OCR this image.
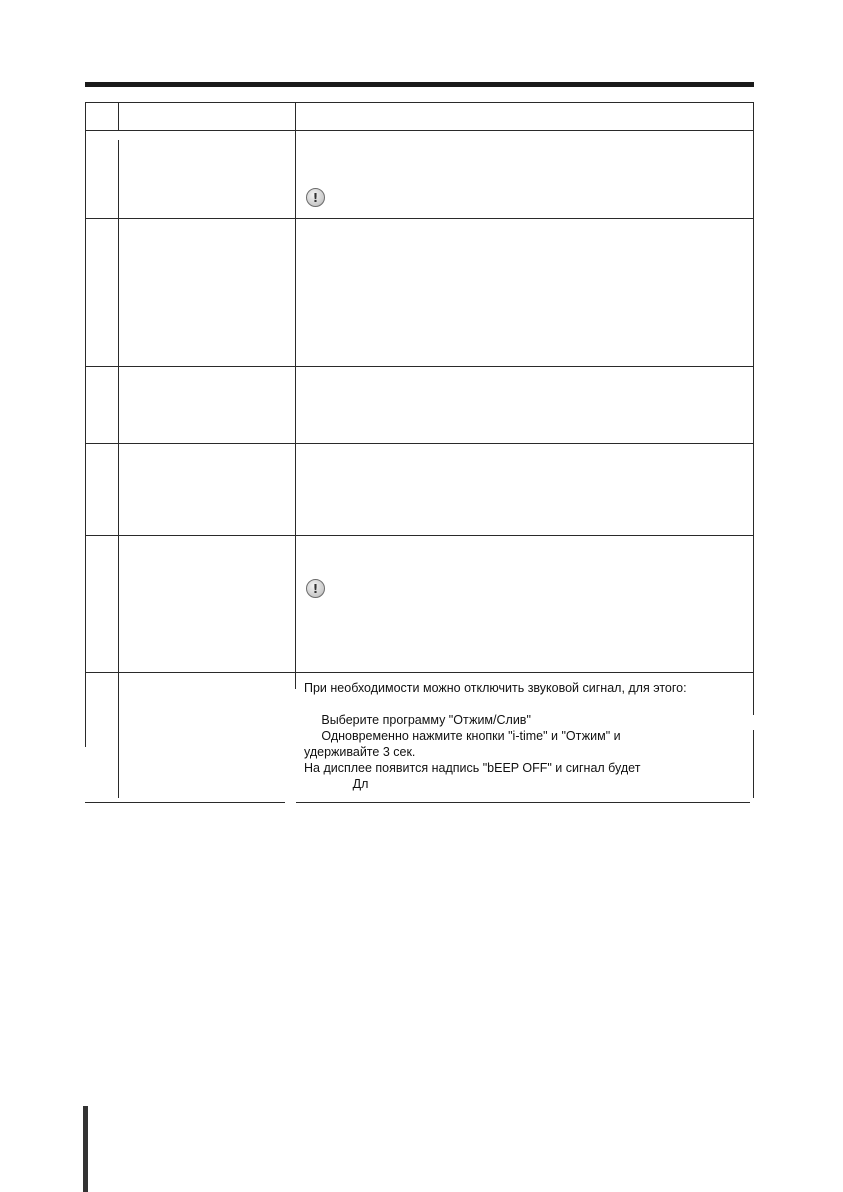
!
!
При необходимости можно отключить звуковой сигнал, для этого:
Выберите программу "Отжим/Слив"
Одновременно нажмите кнопки "i-time" и "Отжим" и
удерживайте 3 сек.
На дисплее появится надпись "bEEP OFF" и сигнал будет
Дл
